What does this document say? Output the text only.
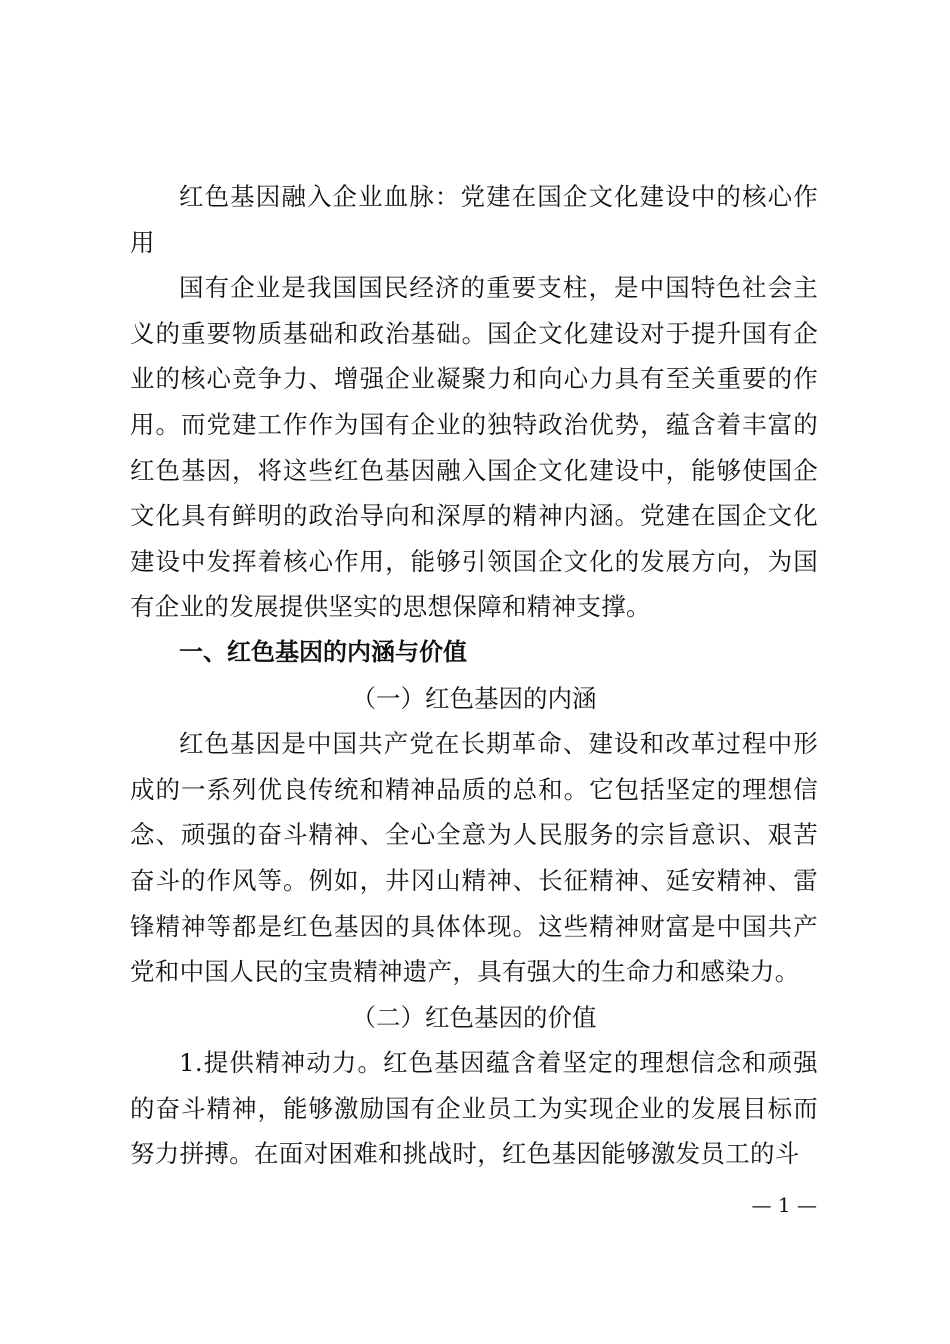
红色基因融入企业血脉：党建在国企文化建设中的核心作用

国有企业是我国国民经济的重要支柱，是中国特色社会主义的重要物质基础和政治基础。国企文化建设对于提升国有企业的核心竞争力、增强企业凝聚力和向心力具有至关重要的作用。而党建工作作为国有企业的独特政治优势，蕴含着丰富的红色基因，将这些红色基因融入国企文化建设中，能够使国企文化具有鲜明的政治导向和深厚的精神内涵。党建在国企文化建设中发挥着核心作用，能够引领国企文化的发展方向，为国有企业的发展提供坚实的思想保障和精神支撑。

一、红色基因的内涵与价值

（一）红色基因的内涵

红色基因是中国共产党在长期革命、建设和改革过程中形成的一系列优良传统和精神品质的总和。它包括坚定的理想信念、顽强的奋斗精神、全心全意为人民服务的宗旨意识、艰苦奋斗的作风等。例如，井冈山精神、长征精神、延安精神、雷锋精神等都是红色基因的具体体现。这些精神财富是中国共产党和中国人民的宝贵精神遗产，具有强大的生命力和感染力。

（二）红色基因的价值

1.提供精神动力。红色基因蕴含着坚定的理想信念和顽强的奋斗精神，能够激励国有企业员工为实现企业的发展目标而努力拼搏。在面对困难和挑战时，红色基因能够激发员工的斗

— 1 —
